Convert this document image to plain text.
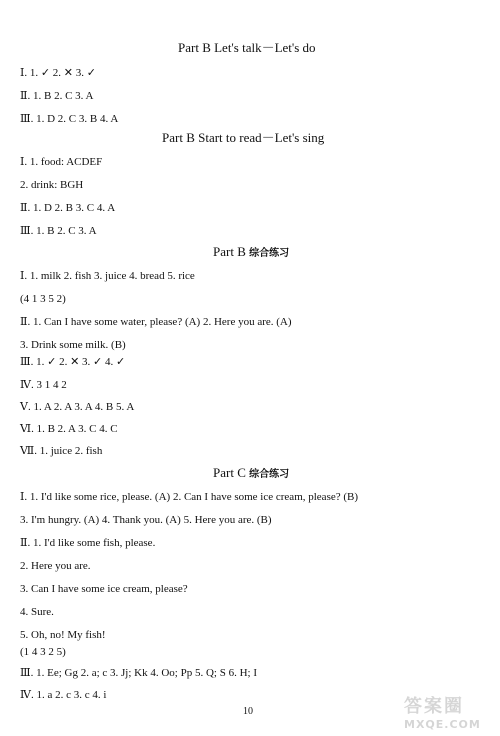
Part B Let's talk－Let's do
Ⅰ. 1. ✓ 2. ✕ 3. ✓
Ⅱ. 1. B 2. C 3. A
Ⅲ. 1. D 2. C 3. B 4. A
Part B Start to read－Let's sing
Ⅰ. 1. food: ACDEF
2. drink: BGH
Ⅱ. 1. D 2. B 3. C 4. A
Ⅲ. 1. B 2. C 3. A
Part B 综合练习
Ⅰ. 1. milk 2. fish 3. juice 4. bread 5. rice
(4 1 3 5 2)
Ⅱ. 1. Can I have some water, please? (A) 2. Here you are. (A)
3. Drink some milk. (B)
Ⅲ. 1. ✓ 2. ✕ 3. ✓ 4. ✓
Ⅳ. 3 1 4 2
Ⅴ. 1. A 2. A 3. A 4. B 5. A
Ⅵ. 1. B 2. A 3. C 4. C
Ⅶ. 1. juice 2. fish
Part C 综合练习
Ⅰ. 1. I'd like some rice, please. (A) 2. Can I have some ice cream, please? (B)
3. I'm hungry. (A) 4. Thank you. (A) 5. Here you are. (B)
Ⅱ. 1. I'd like some fish, please.
2. Here you are.
3. Can I have some ice cream, please?
4. Sure.
5. Oh, no! My fish!
(1 4 3 2 5)
Ⅲ. 1. Ee; Gg 2. a; c 3. Jj; Kk 4. Oo; Pp 5. Q; S 6. H; I
Ⅳ. 1. a 2. c 3. c 4. i
10	答案圈
MXQE.COM
